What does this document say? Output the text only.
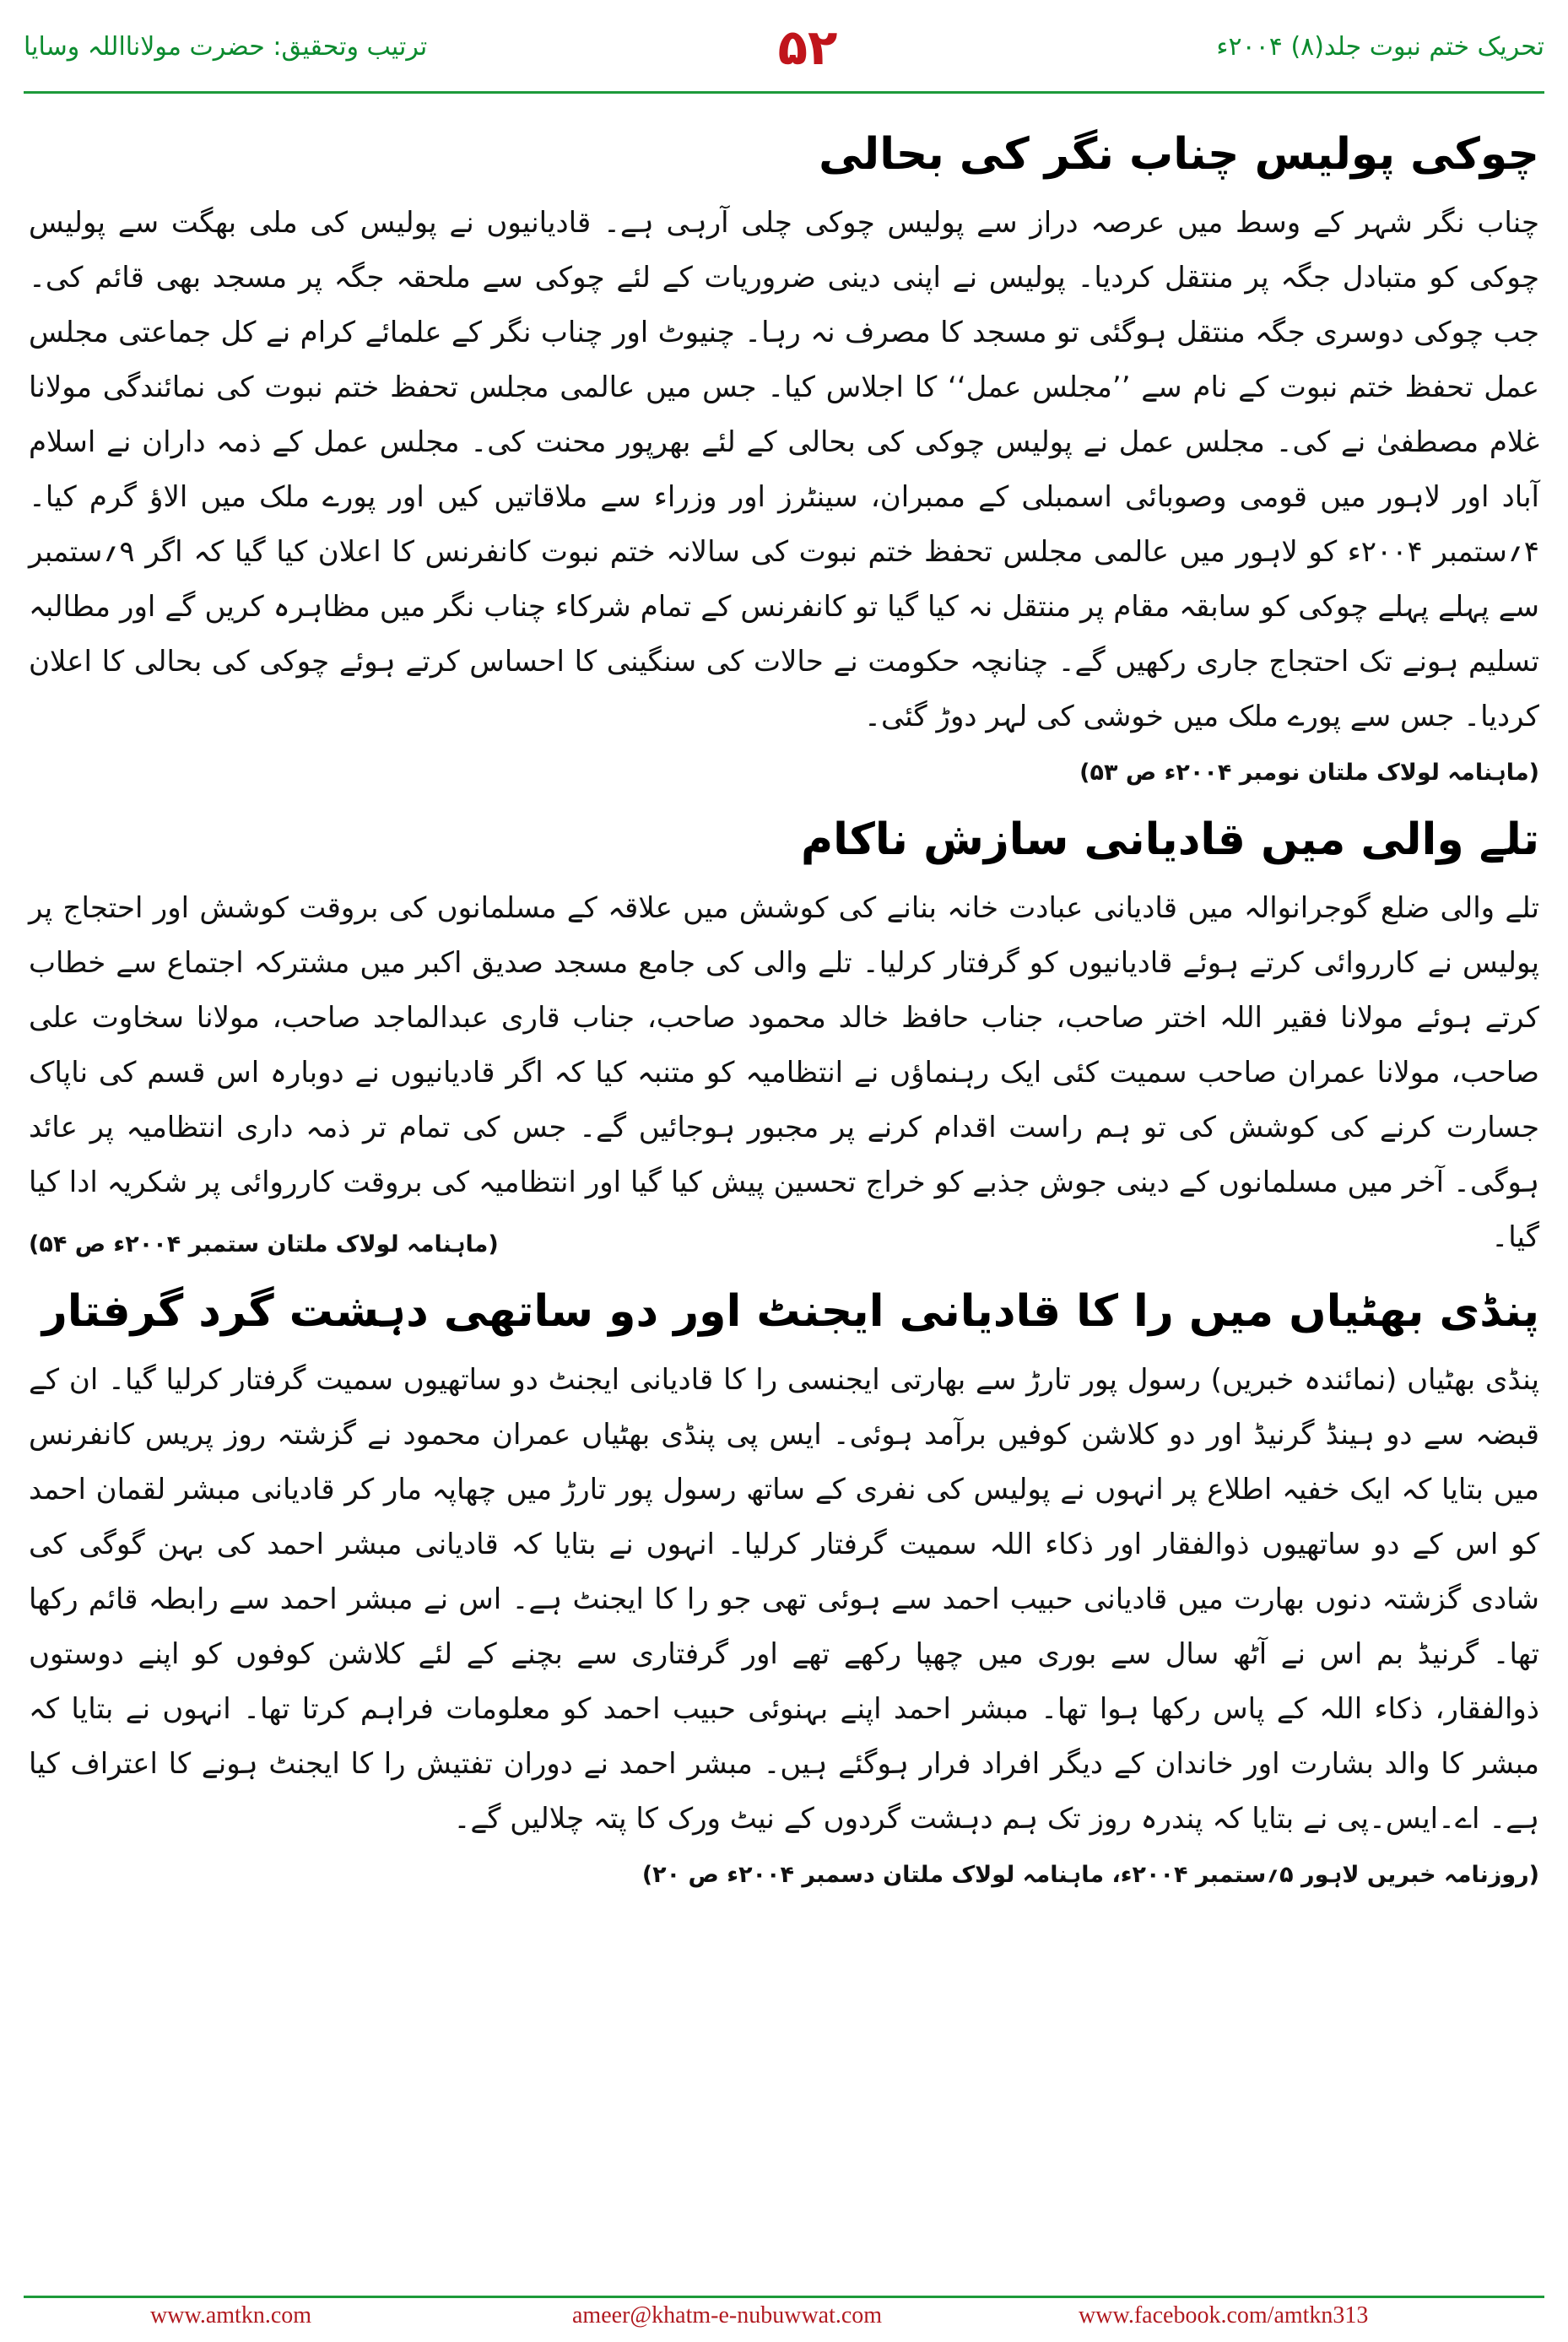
ترتیب وتحقیق: حضرت مولانااللہ وسایا	۵۲	تحریک ختم نبوت جلد(۸) ۲۰۰۴ء
چوکی پولیس چناب نگر کی بحالی

چناب نگر شہر کے وسط میں عرصہ دراز سے پولیس چوکی چلی آرہی ہے۔ قادیانیوں نے پولیس کی ملی بھگت سے پولیس چوکی کو متبادل جگہ پر منتقل کردیا۔ پولیس نے اپنی دینی ضروریات کے لئے چوکی سے ملحقہ جگہ پر مسجد بھی قائم کی۔ جب چوکی دوسری جگہ منتقل ہوگئی تو مسجد کا مصرف نہ رہا۔ چنیوٹ اور چناب نگر کے علمائے کرام نے کل جماعتی مجلس عمل تحفظ ختم نبوت کے نام سے ’’مجلس عمل‘‘ کا اجلاس کیا۔ جس میں عالمی مجلس تحفظ ختم نبوت کی نمائندگی مولانا غلام مصطفیٰ نے کی۔ مجلس عمل نے پولیس چوکی کی بحالی کے لئے بھرپور محنت کی۔ مجلس عمل کے ذمہ داران نے اسلام آباد اور لاہور میں قومی وصوبائی اسمبلی کے ممبران، سینٹرز اور وزراء سے ملاقاتیں کیں اور پورے ملک میں الاؤ گرم کیا۔ ۴؍ستمبر ۲۰۰۴ء کو لاہور میں عالمی مجلس تحفظ ختم نبوت کی سالانہ ختم نبوت کانفرنس کا اعلان کیا گیا کہ اگر ۹؍ستمبر سے پہلے پہلے چوکی کو سابقہ مقام پر منتقل نہ کیا گیا تو کانفرنس کے تمام شرکاء چناب نگر میں مظاہرہ کریں گے اور مطالبہ تسلیم ہونے تک احتجاج جاری رکھیں گے۔ چنانچہ حکومت نے حالات کی سنگینی کا احساس کرتے ہوئے چوکی کی بحالی کا اعلان کردیا۔ جس سے پورے ملک میں خوشی کی لہر دوڑ گئی۔

(ماہنامہ لولاک ملتان نومبر ۲۰۰۴ء ص ۵۳)
تلے والی میں قادیانی سازش ناکام

تلے والی ضلع گوجرانوالہ میں قادیانی عبادت خانہ بنانے کی کوشش میں علاقہ کے مسلمانوں کی بروقت کوشش اور احتجاج پر پولیس نے کارروائی کرتے ہوئے قادیانیوں کو گرفتار کرلیا۔ تلے والی کی جامع مسجد صدیق اکبر میں مشترکہ اجتماع سے خطاب کرتے ہوئے مولانا فقیر اللہ اختر صاحب، جناب حافظ خالد محمود صاحب، جناب قاری عبدالماجد صاحب، مولانا سخاوت علی صاحب، مولانا عمران صاحب سمیت کئی ایک رہنماؤں نے انتظامیہ کو متنبہ کیا کہ اگر قادیانیوں نے دوبارہ اس قسم کی ناپاک جسارت کرنے کی کوشش کی تو ہم راست اقدام کرنے پر مجبور ہوجائیں گے۔ جس کی تمام تر ذمہ داری انتظامیہ پر عائد ہوگی۔ آخر میں مسلمانوں کے دینی جوش جذبے کو خراج تحسین پیش کیا گیا اور انتظامیہ کی بروقت کارروائی پر شکریہ ادا کیا گیا۔
(ماہنامہ لولاک ملتان ستمبر ۲۰۰۴ء ص ۵۴)

پنڈی بھٹیاں میں را کا قادیانی ایجنٹ اور دو ساتھی دہشت گرد گرفتار

پنڈی بھٹیاں (نمائندہ خبریں) رسول پور تارڑ سے بھارتی ایجنسی را کا قادیانی ایجنٹ دو ساتھیوں سمیت گرفتار کرلیا گیا۔ ان کے قبضہ سے دو ہینڈ گرنیڈ اور دو کلاشن کوفیں برآمد ہوئی۔ ایس پی پنڈی بھٹیاں عمران محمود نے گزشتہ روز پریس کانفرنس میں بتایا کہ ایک خفیہ اطلاع پر انہوں نے پولیس کی نفری کے ساتھ رسول پور تارڑ میں چھاپہ مار کر قادیانی مبشر لقمان احمد کو اس کے دو ساتھیوں ذوالفقار اور ذکاء اللہ سمیت گرفتار کرلیا۔ انہوں نے بتایا کہ قادیانی مبشر احمد کی بہن گوگی کی شادی گزشتہ دنوں بھارت میں قادیانی حبیب احمد سے ہوئی تھی جو را کا ایجنٹ ہے۔ اس نے مبشر احمد سے رابطہ قائم رکھا تھا۔ گرنیڈ بم اس نے آٹھ سال سے بوری میں چھپا رکھے تھے اور گرفتاری سے بچنے کے لئے کلاشن کوفوں کو اپنے دوستوں ذوالفقار، ذکاء اللہ کے پاس رکھا ہوا تھا۔ مبشر احمد اپنے بہنوئی حبیب احمد کو معلومات فراہم کرتا تھا۔ انہوں نے بتایا کہ مبشر کا والد بشارت اور خاندان کے دیگر افراد فرار ہوگئے ہیں۔ مبشر احمد نے دوران تفتیش را کا ایجنٹ ہونے کا اعتراف کیا ہے۔ اے۔ایس۔پی نے بتایا کہ پندرہ روز تک ہم دہشت گردوں کے نیٹ ورک کا پتہ چلالیں گے۔

(روزنامہ خبریں لاہور ۵؍ستمبر ۲۰۰۴ء، ماہنامہ لولاک ملتان دسمبر ۲۰۰۴ء ص ۲۰)
www.amtkn.com	ameer@khatm-e-nubuwwat.com	www.facebook.com/amtkn313
